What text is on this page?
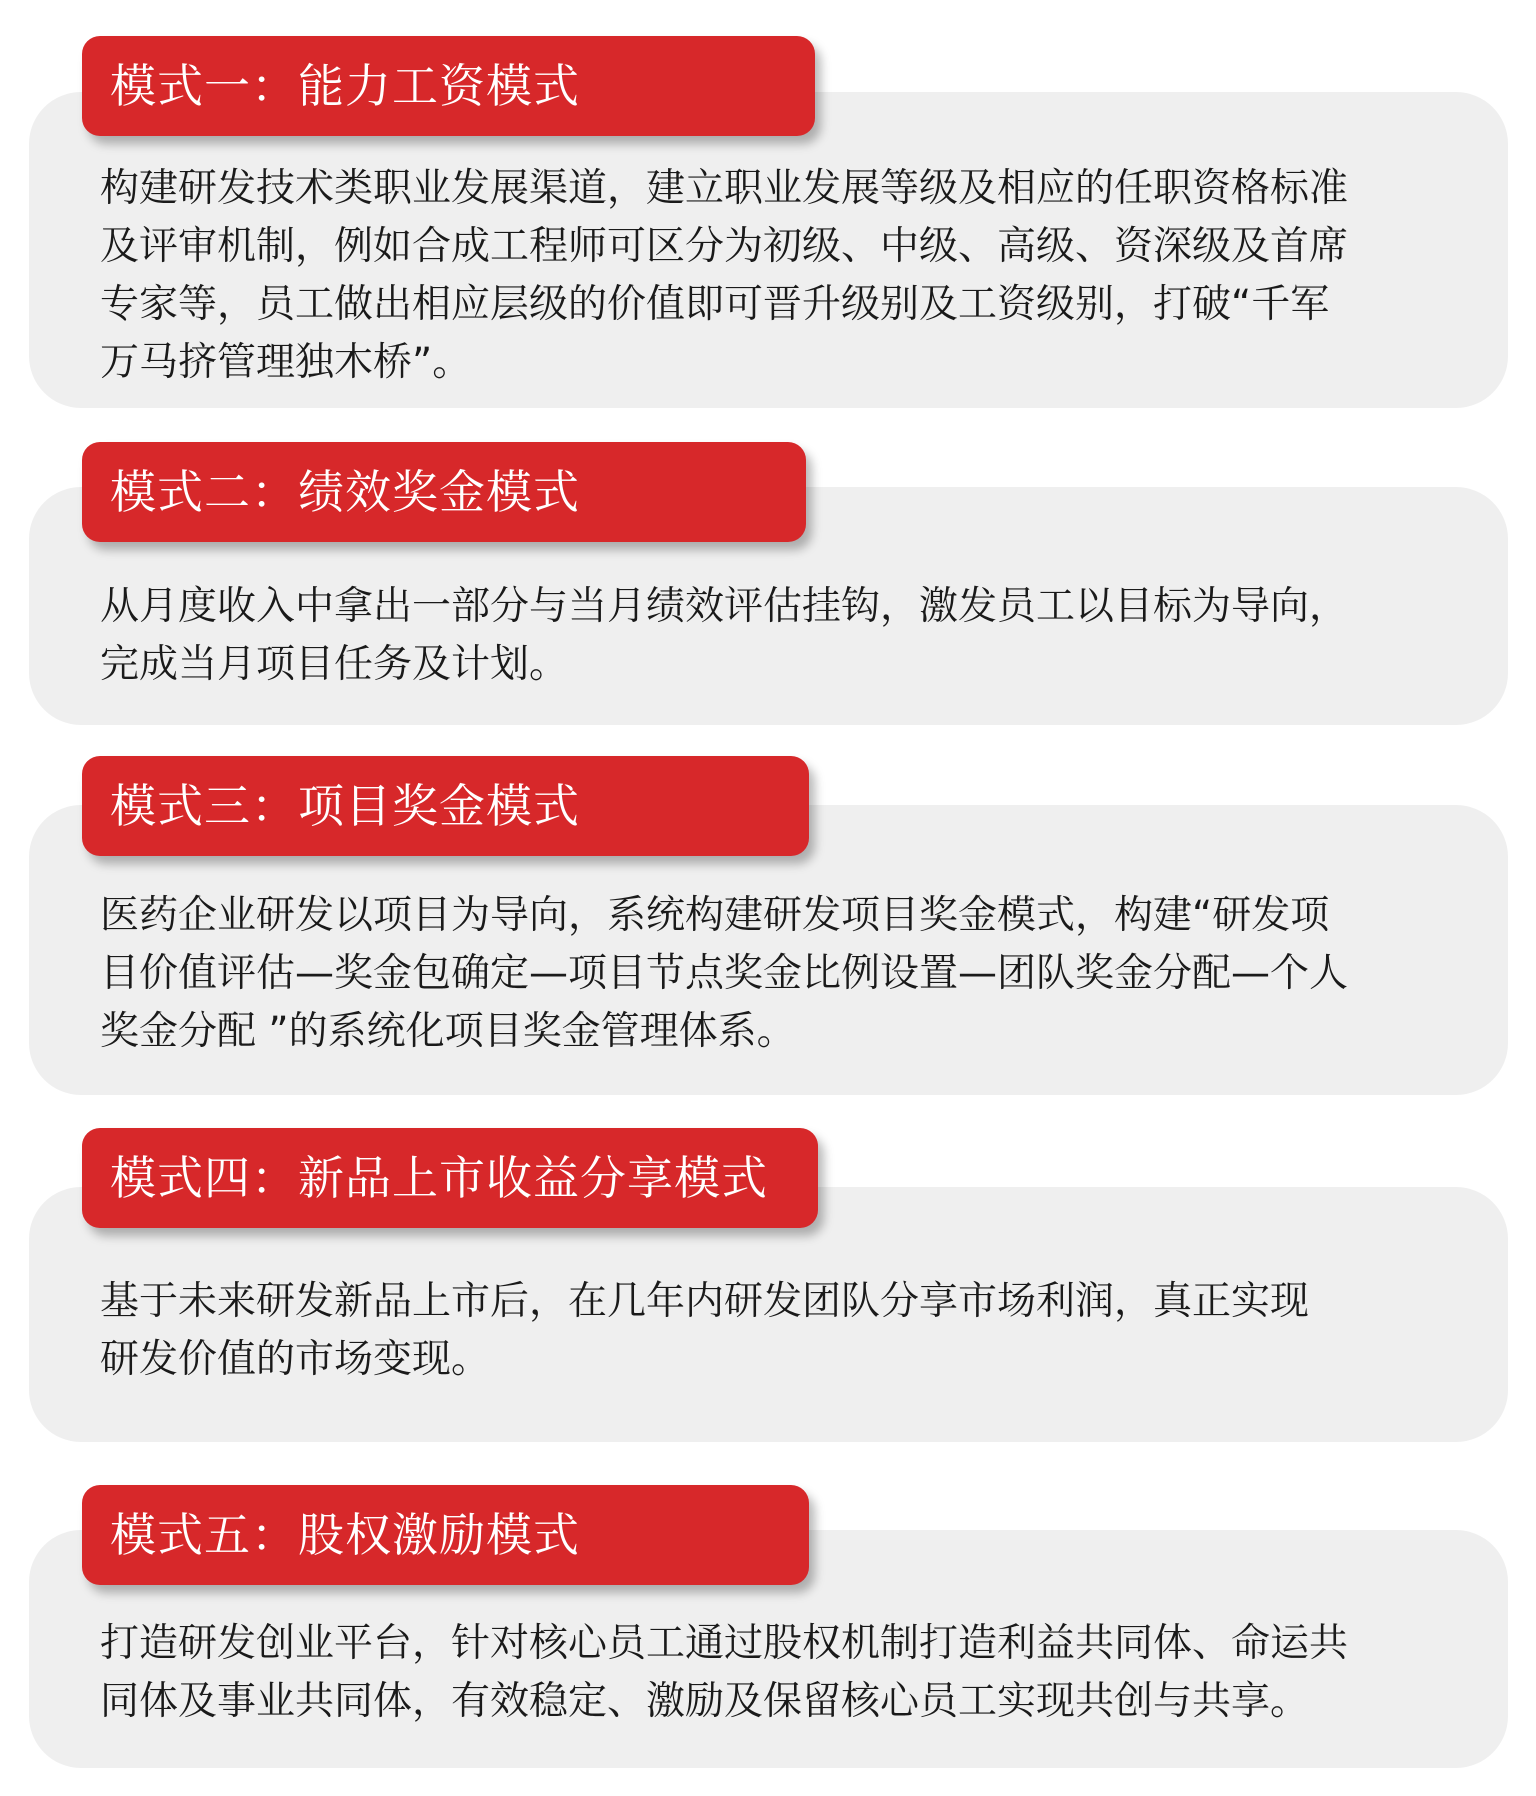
模式一：能力工资模式
构建研发技术类职业发展渠道，建立职业发展等级及相应的任职资格标准
及评审机制，例如合成工程师可区分为初级、中级、高级、资深级及首席
专家等，员工做出相应层级的价值即可晋升级别及工资级别，打破“千军
万马挤管理独木桥”。
模式二：绩效奖金模式
从月度收入中拿出一部分与当月绩效评估挂钩，激发员工以目标为导向，
完成当月项目任务及计划。
模式三：项目奖金模式
医药企业研发以项目为导向，系统构建研发项目奖金模式，构建“研发项
目价值评估—奖金包确定—项目节点奖金比例设置—团队奖金分配—个人
奖金分配 ”的系统化项目奖金管理体系。
模式四：新品上市收益分享模式
基于未来研发新品上市后，在几年内研发团队分享市场利润，真正实现
研发价值的市场变现。
模式五：股权激励模式
打造研发创业平台，针对核心员工通过股权机制打造利益共同体、命运共
同体及事业共同体，有效稳定、激励及保留核心员工实现共创与共享。
